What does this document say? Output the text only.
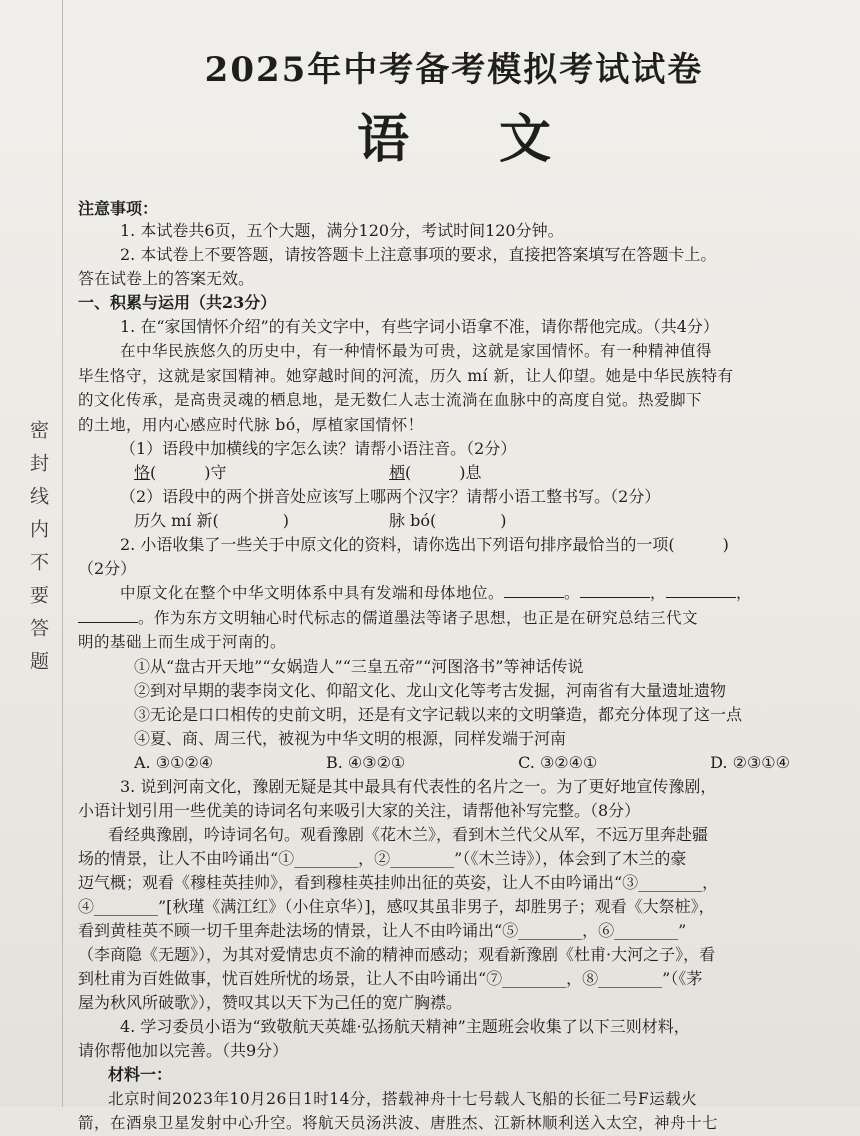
密封线内不要答题
2025年中考备考模拟考试试卷
语文
注意事项：
1. 本试卷共6页，五个大题，满分120分，考试时间120分钟。
2. 本试卷上不要答题，请按答题卡上注意事项的要求，直接把答案填写在答题卡上。
答在试卷上的答案无效。
一、积累与运用（共23分）
1. 在“家国情怀介绍”的有关文字中，有些字词小语拿不准，请你帮他完成。（共4分）
在中华民族悠久的历史中，有一种情怀最为可贵，这就是家国情怀。有一种精神值得
毕生恪守，这就是家国精神。她穿越时间的河流，历久 mí 新，让人仰望。她是中华民族特有
的文化传承，是高贵灵魂的栖息地，是无数仁人志士流淌在血脉中的高度自觉。热爱脚下
的土地，用内心感应时代脉 bó，厚植家国情怀！
（1）语段中加横线的字怎么读？请帮小语注音。（2分）
恪(　　　)守	栖(　　　)息
（2）语段中的两个拼音处应该写上哪两个汉字？请帮小语工整书写。（2分）
历久 mí 新(　　　　)	脉 bó(　　　　)
2. 小语收集了一些关于中原文化的资料，请你选出下列语句排序最恰当的一项(　　　)
（2分）
中原文化在整个中华文明体系中具有发端和母体地位。	。	，	，
。作为东方文明轴心时代标志的儒道墨法等诸子思想，也正是在研究总结三代文
明的基础上而生成于河南的。
①从“盘古开天地”“女娲造人”“三皇五帝”“河图洛书”等神话传说
②到对早期的裴李岗文化、仰韶文化、龙山文化等考古发掘，河南省有大量遗址遗物
③无论是口口相传的史前文明，还是有文字记载以来的文明肇造，都充分体现了这一点
④夏、商、周三代，被视为中华文明的根源，同样发端于河南
A. ③①②④	B. ④③②①	C. ③②④①	D. ②③①④
3. 说到河南文化，豫剧无疑是其中最具有代表性的名片之一。为了更好地宣传豫剧，
小语计划引用一些优美的诗词名句来吸引大家的关注，请帮他补写完整。（8分）
看经典豫剧，吟诗词名句。观看豫剧《花木兰》，看到木兰代父从军，不远万里奔赴疆
场的情景，让人不由吟诵出“①________，②________”（《木兰诗》），体会到了木兰的豪
迈气概；观看《穆桂英挂帅》，看到穆桂英挂帅出征的英姿，让人不由吟诵出“③________，
④________”[秋瑾《满江红》（小住京华）]，感叹其虽非男子，却胜男子；观看《大祭桩》，
看到黄桂英不顾一切千里奔赴法场的情景，让人不由吟诵出“⑤________，⑥________”
（李商隐《无题》），为其对爱情忠贞不渝的精神而感动；观看新豫剧《杜甫·大河之子》，看
到杜甫为百姓做事，忧百姓所忧的场景，让人不由吟诵出“⑦________，⑧________”（《茅
屋为秋风所破歌》），赞叹其以天下为己任的宽广胸襟。
4. 学习委员小语为“致敬航天英雄·弘扬航天精神”主题班会收集了以下三则材料，
请你帮他加以完善。（共9分）
材料一：
北京时间2023年10月26日1时14分，搭载神舟十七号载人飞船的长征二号F运载火
箭，在酒泉卫星发射中心升空。将航天员汤洪波、唐胜杰、江新林顺利送入太空，神舟十七
